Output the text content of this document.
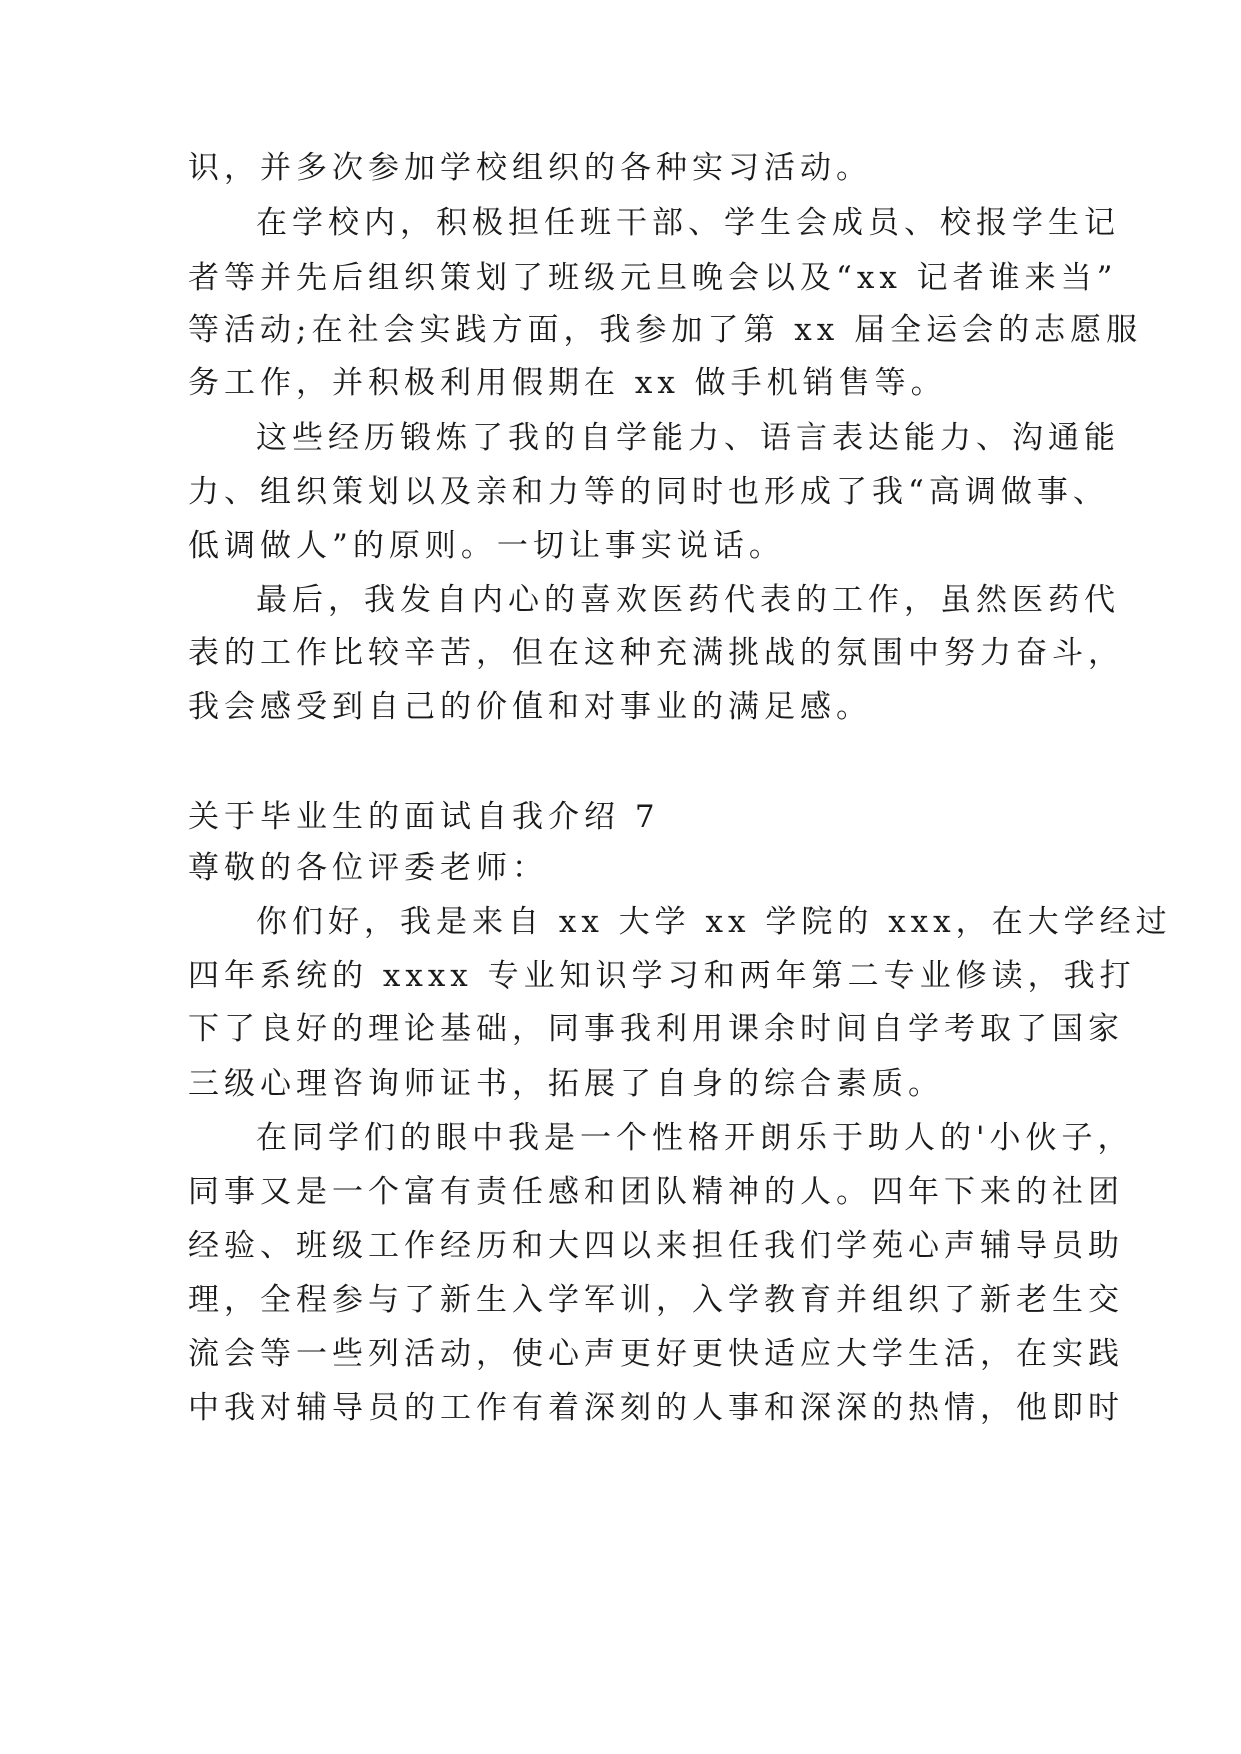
识，并多次参加学校组织的各种实习活动。
在学校内，积极担任班干部、学生会成员、校报学生记
者等并先后组织策划了班级元旦晚会以及“xx 记者谁来当”
等活动;在社会实践方面，我参加了第 xx 届全运会的志愿服
务工作，并积极利用假期在 xx 做手机销售等。
这些经历锻炼了我的自学能力、语言表达能力、沟通能
力、组织策划以及亲和力等的同时也形成了我“高调做事、
低调做人”的原则。一切让事实说话。
最后，我发自内心的喜欢医药代表的工作，虽然医药代
表的工作比较辛苦，但在这种充满挑战的氛围中努力奋斗，
我会感受到自己的价值和对事业的满足感。
关于毕业生的面试自我介绍 7
尊敬的各位评委老师：
你们好，我是来自 xx 大学 xx 学院的 xxx，在大学经过
四年系统的 xxxx 专业知识学习和两年第二专业修读，我打
下了良好的理论基础，同事我利用课余时间自学考取了国家
三级心理咨询师证书，拓展了自身的综合素质。
在同学们的眼中我是一个性格开朗乐于助人的'小伙子，
同事又是一个富有责任感和团队精神的人。四年下来的社团
经验、班级工作经历和大四以来担任我们学苑心声辅导员助
理，全程参与了新生入学军训，入学教育并组织了新老生交
流会等一些列活动，使心声更好更快适应大学生活，在实践
中我对辅导员的工作有着深刻的人事和深深的热情，他即时
